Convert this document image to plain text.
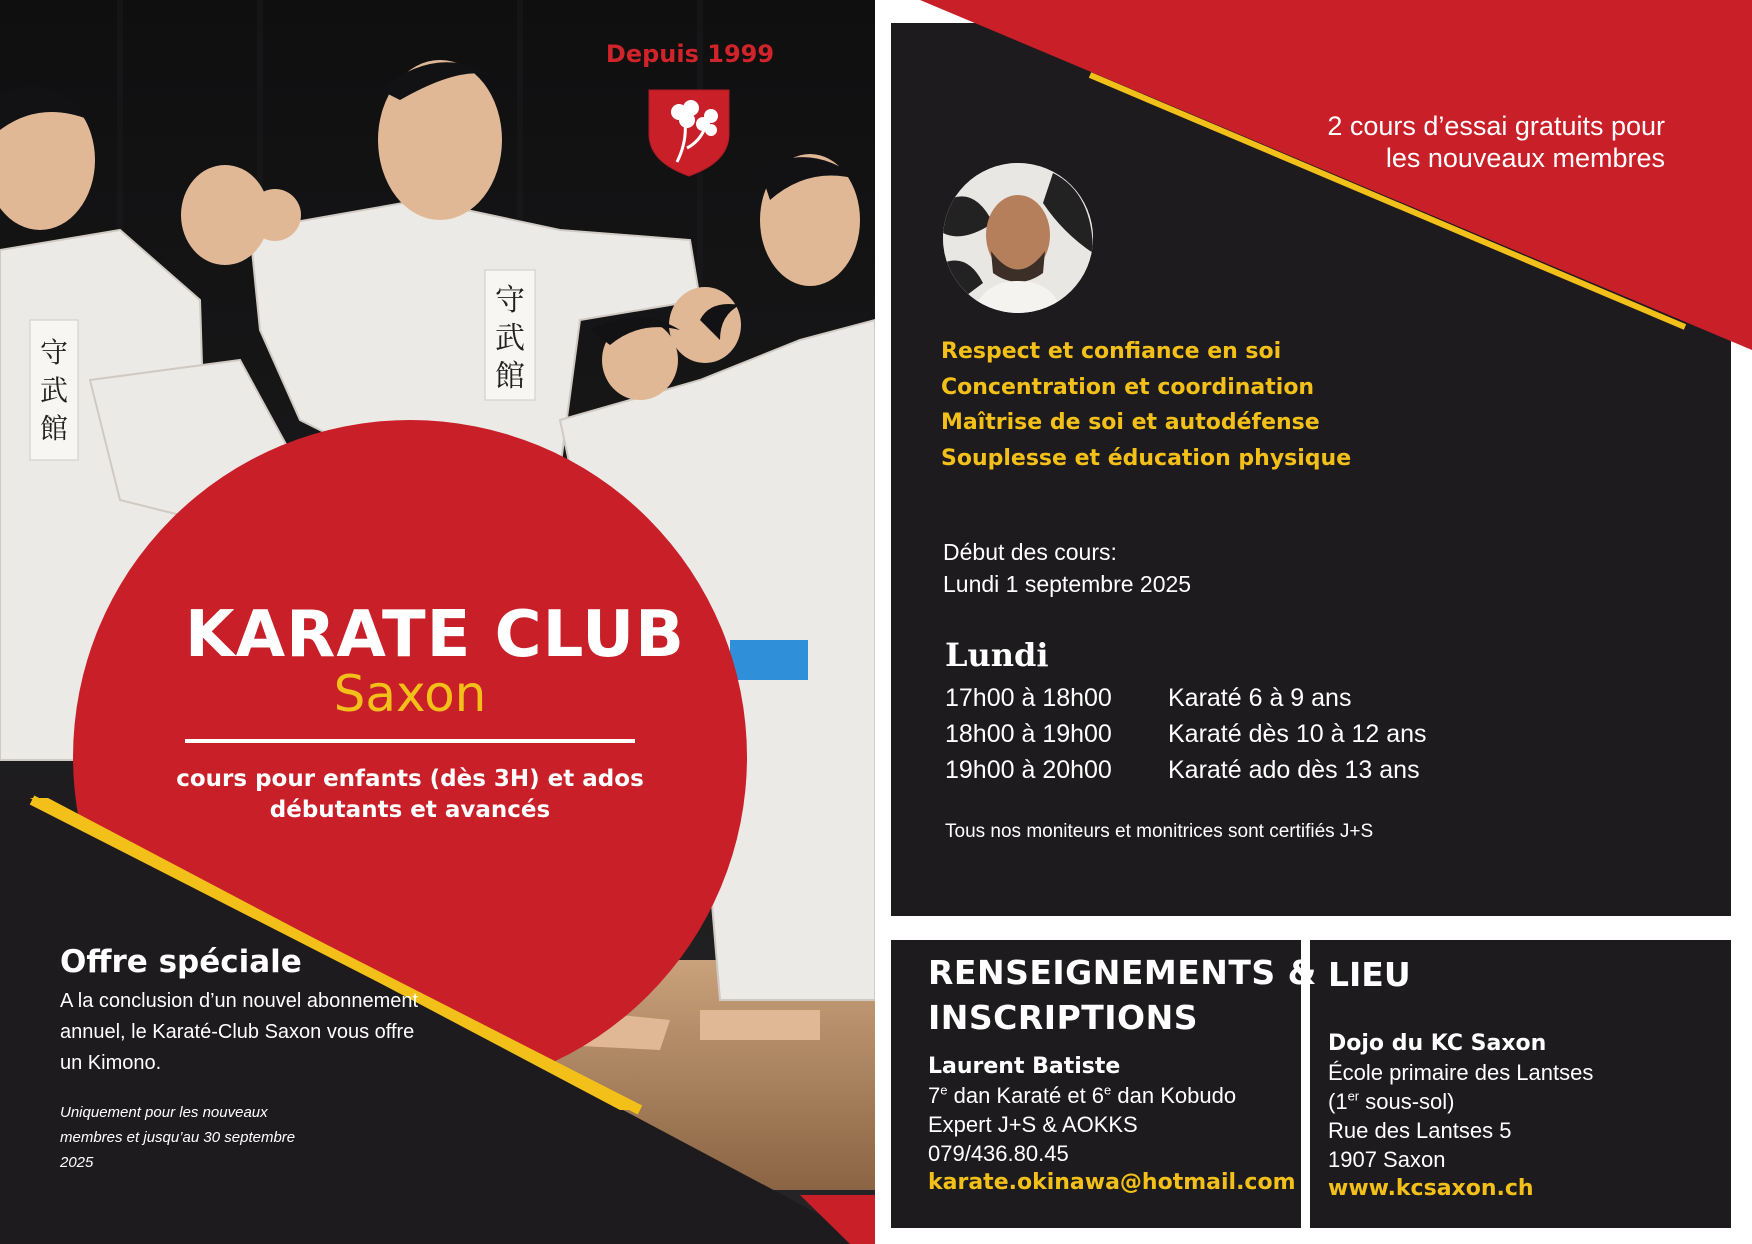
守
武
館
守
武
館
Depuis 1999
KARATE CLUB
Saxon
cours pour enfants (dès 3H) et ados débutants et avancés
Offre spéciale
A la conclusion d’un nouvel abonnement annuel, le Karaté-Club Saxon vous offre un Kimono.
Uniquement pour les nouveaux membres et jusqu’au 30 septembre 2025
2 cours d’essai gratuits pour les nouveaux membres
Respect et confiance en soi
Concentration et coordination
Maîtrise de soi et autodéfense
Souplesse et éducation physique
Début des cours:
Lundi 1 septembre 2025
Lundi
17h00 à 18h00	Karaté 6 à 9 ans
18h00 à 19h00	Karaté dès 10 à 12 ans
19h00 à 20h00	Karaté ado dès 13 ans
Tous nos moniteurs et monitrices sont certifiés J+S
RENSEIGNEMENTS &
INSCRIPTIONS
Laurent Batiste
7e dan Karaté et 6e dan Kobudo
Expert J+S & AOKKS
079/436.80.45
karate.okinawa@hotmail.com
LIEU
Dojo du KC Saxon
École primaire des Lantses
(1er sous-sol)
Rue des Lantses 5
1907 Saxon
www.kcsaxon.ch
